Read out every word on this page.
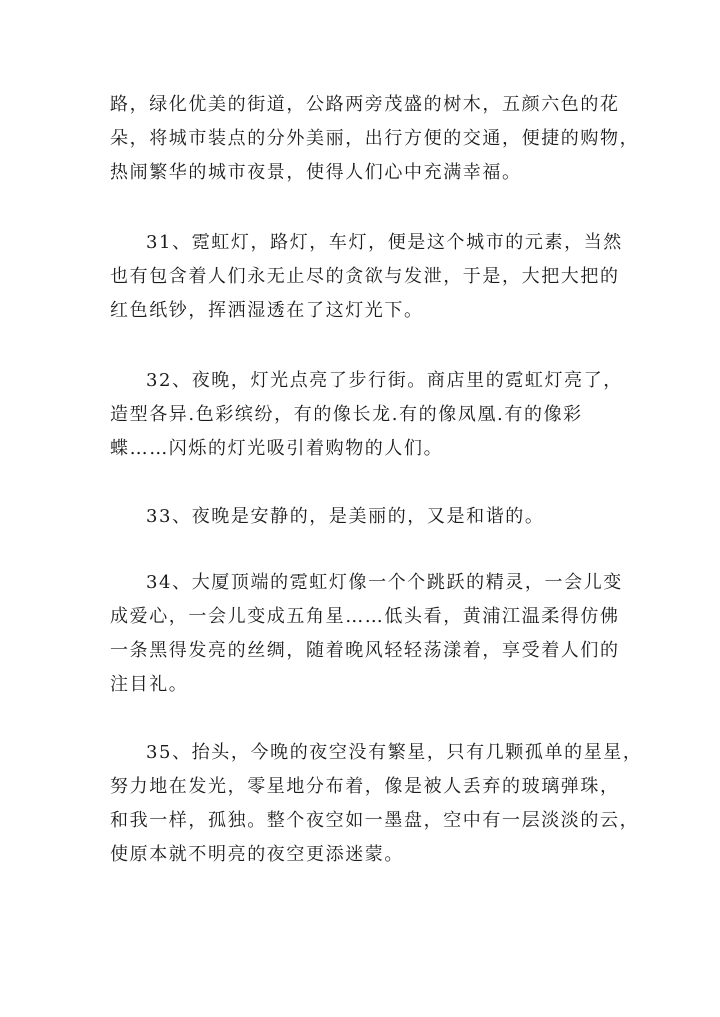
路，绿化优美的街道，公路两旁茂盛的树木，五颜六色的花
朵，将城市装点的分外美丽，出行方便的交通，便捷的购物，
热闹繁华的城市夜景，使得人们心中充满幸福。

31、霓虹灯，路灯，车灯，便是这个城市的元素，当然
也有包含着人们永无止尽的贪欲与发泄，于是，大把大把的
红色纸钞，挥洒湿透在了这灯光下。

32、夜晚，灯光点亮了步行街。商店里的霓虹灯亮了，
造型各异.色彩缤纷，有的像长龙.有的像凤凰.有的像彩
蝶……闪烁的灯光吸引着购物的人们。

33、夜晚是安静的，是美丽的，又是和谐的。

34、大厦顶端的霓虹灯像一个个跳跃的精灵，一会儿变
成爱心，一会儿变成五角星……低头看，黄浦江温柔得仿佛
一条黑得发亮的丝绸，随着晚风轻轻荡漾着，享受着人们的
注目礼。

35、抬头，今晚的夜空没有繁星，只有几颗孤单的星星，
努力地在发光，零星地分布着，像是被人丢弃的玻璃弹珠，
和我一样，孤独。整个夜空如一墨盘，空中有一层淡淡的云，
使原本就不明亮的夜空更添迷蒙。
